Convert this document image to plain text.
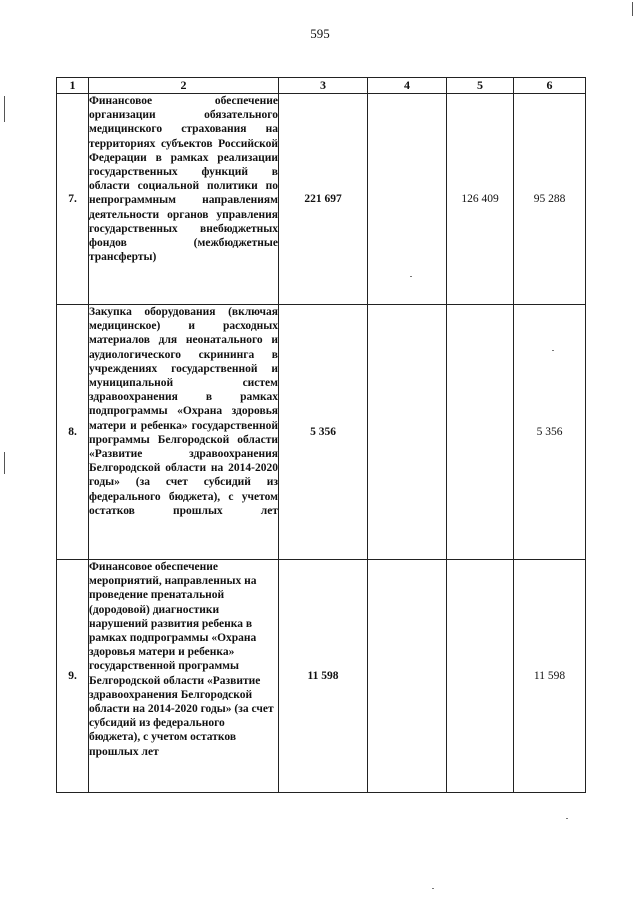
595
1	2	3	4	5	6
7.	Финансовое обеспечение организации обязательного медицинского страхования на территориях субъектов Российской Федерации в рамках реализации государственных функций в области социальной политики по непрограммным направлениям деятельности органов управления государственных внебюджетных фондов (межбюджетные трансферты)	221 697		126 409	95 288
8.	Закупка оборудования (включая медицинское) и расходных материалов для неонатального и аудиологического скрининга в учреждениях государственной и муниципальной систем здравоохранения в рамках подпрограммы «Охрана здоровья матери и ребенка» государственной программы Белгородской области «Развитие здравоохранения Белгородской области на 2014-2020 годы» (за счет субсидий из федерального бюджета), с учетом остатков прошлых лет	5 356			5 356
9.	Финансовое обеспечение мероприятий, направленных на проведение пренатальной (дородовой) диагностики нарушений развития ребенка в рамках подпрограммы «Охрана здоровья матери и ребенка» государственной программы Белгородской области «Развитие здравоохранения Белгородской области на 2014-2020 годы» (за счет субсидий из федерального бюджета), с учетом остатков прошлых лет	11 598			11 598
